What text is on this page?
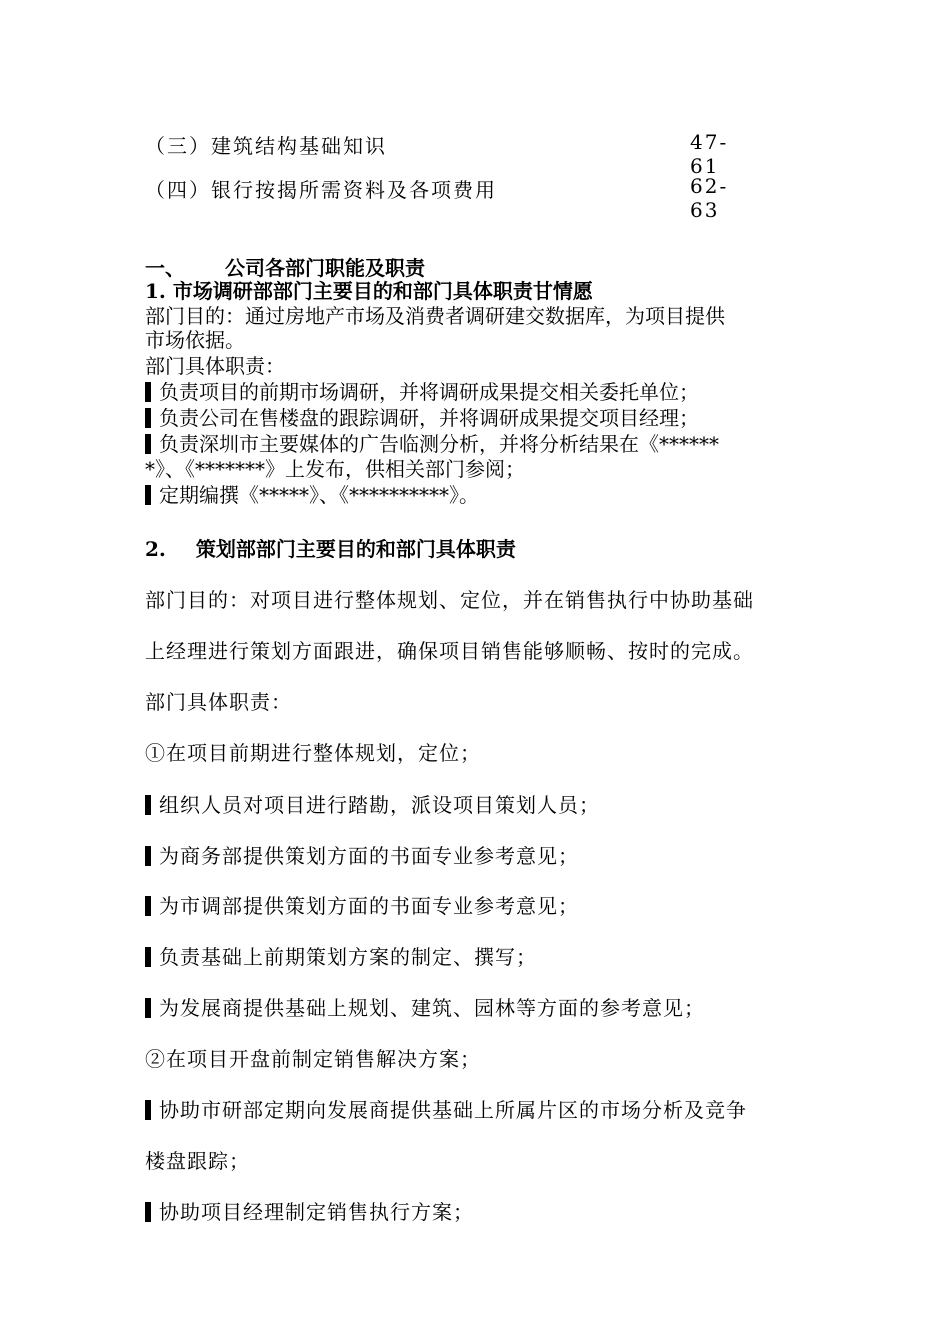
（三）建筑结构基础知识	47-61
（四）银行按揭所需资料及各项费用	62-63
一、 公司各部门职能及职责
1. 市场调研部部门主要目的和部门具体职责甘情愿
部门目的：通过房地产市场及消费者调研建交数据库，为项目提供
市场依据。
部门具体职责：
负责项目的前期市场调研，并将调研成果提交相关委托单位；
负责公司在售楼盘的跟踪调研，并将调研成果提交项目经理；
负责深圳市主要媒体的广告临测分析，并将分析结果在《******
*》、《*******》上发布，供相关部门参阅；
定期编撰《*****》、《**********》。
2. 策划部部门主要目的和部门具体职责
部门目的：对项目进行整体规划、定位，并在销售执行中协助基础
上经理进行策划方面跟进，确保项目销售能够顺畅、按时的完成。
部门具体职责：
①在项目前期进行整体规划，定位；
组织人员对项目进行踏勘，派设项目策划人员；
为商务部提供策划方面的书面专业参考意见；
为市调部提供策划方面的书面专业参考意见；
负责基础上前期策划方案的制定、撰写；
为发展商提供基础上规划、建筑、园林等方面的参考意见；
②在项目开盘前制定销售解决方案；
协助市研部定期向发展商提供基础上所属片区的市场分析及竞争
楼盘跟踪；
协助项目经理制定销售执行方案；
